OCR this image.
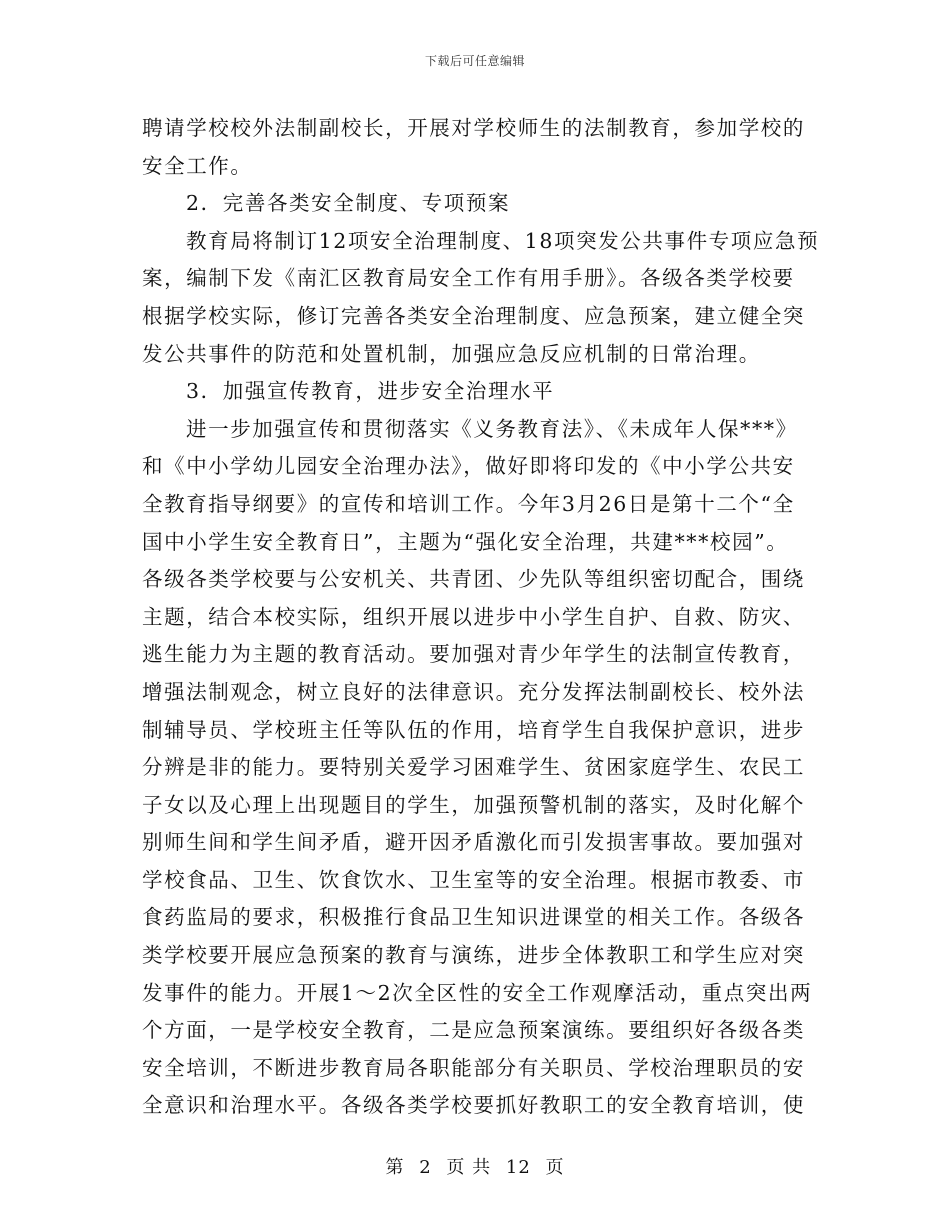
下载后可任意编辑

聘请学校校外法制副校长，开展对学校师生的法制教育，参加学校的

安全工作。

2．完善各类安全制度、专项预案

教育局将制订12项安全治理制度、18项突发公共事件专项应急预

案，编制下发《南汇区教育局安全工作有用手册》。各级各类学校要

根据学校实际，修订完善各类安全治理制度、应急预案，建立健全突

发公共事件的防范和处置机制，加强应急反应机制的日常治理。

3．加强宣传教育，进步安全治理水平

进一步加强宣传和贯彻落实《义务教育法》、《未成年人保***》

和《中小学幼儿园安全治理办法》，做好即将印发的《中小学公共安

全教育指导纲要》的宣传和培训工作。今年3月26日是第十二个“全

国中小学生安全教育日”，主题为“强化安全治理，共建***校园”。

各级各类学校要与公安机关、共青团、少先队等组织密切配合，围绕

主题，结合本校实际，组织开展以进步中小学生自护、自救、防灾、

逃生能力为主题的教育活动。要加强对青少年学生的法制宣传教育，

增强法制观念，树立良好的法律意识。充分发挥法制副校长、校外法

制辅导员、学校班主任等队伍的作用，培育学生自我保护意识，进步

分辨是非的能力。要特别关爱学习困难学生、贫困家庭学生、农民工

子女以及心理上出现题目的学生，加强预警机制的落实，及时化解个

别师生间和学生间矛盾，避开因矛盾激化而引发损害事故。要加强对

学校食品、卫生、饮食饮水、卫生室等的安全治理。根据市教委、市

食药监局的要求，积极推行食品卫生知识进课堂的相关工作。各级各

类学校要开展应急预案的教育与演练，进步全体教职工和学生应对突

发事件的能力。开展1～2次全区性的安全工作观摩活动，重点突出两

个方面，一是学校安全教育，二是应急预案演练。要组织好各级各类

安全培训，不断进步教育局各职能部分有关职员、学校治理职员的安

全意识和治理水平。各级各类学校要抓好教职工的安全教育培训，使

第 2 页 共 12 页
